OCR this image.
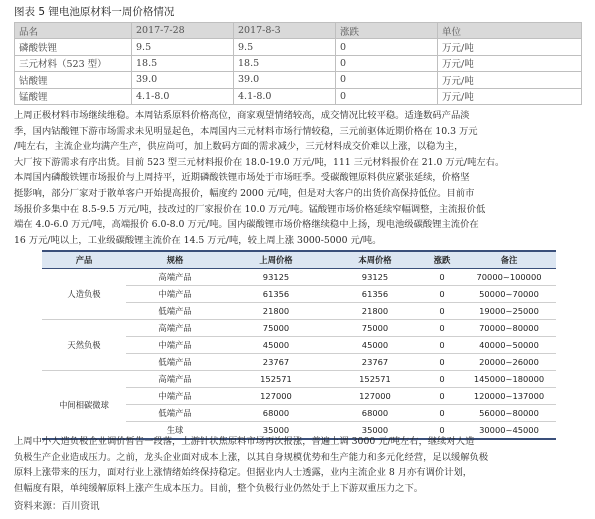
图表 5 锂电池原材料一周价格情况
品名	2017-7-28	2017-8-3	涨跌	单位
磷酸铁锂	9.5	9.5	0	万元/吨
三元材料（523 型）	18.5	18.5	0	万元/吨
钴酸锂	39.0	39.0	0	万元/吨
锰酸锂	4.1-8.0	4.1-8.0	0	万元/吨
上周正极材料市场继续维稳。本周钴系原料价格高位，商家观望情绪较高，成交情况比较平稳。适逢数码产品淡
季，国内钴酸锂下游市场需求未见明显起色，本周国内三元材料市场行情较稳，三元前驱体近期价格在 10.3 万元
/吨左右，主流企业均满产生产，供应尚可，加上数码方面的需求减少，三元材料成交价难以上涨，以稳为主，
大厂按下游需求有序出货。目前 523 型三元材料报价在 18.0-19.0 万元/吨，111 三元材料报价在 21.0 万元/吨左右。
本周国内磷酸铁锂市场报价与上周持平，近期磷酸铁锂市场处于市场旺季。受碳酸锂原料供应紧张延续，价格坚
挺影响，部分厂家对于散单客户开始提高报价，幅度约 2000 元/吨，但是对大客户的出货价高保持低位。目前市
场报价多集中在 8.5-9.5 万元/吨，技改过的厂家报价在 10.0 万元/吨。锰酸锂市场价格延续窄幅调整，主流报价低
端在 4.0-6.0 万元/吨，高端报价 6.0-8.0 万元/吨。国内碳酸锂市场价格继续稳中上扬，现电池级碳酸锂主流价在
16 万元/吨以上，工业级碳酸锂主流价在 14.5 万元/吨，较上周上涨 3000-5000 元/吨。
产品	规格	上周价格	本周价格	涨跌	备注
人造负极	高端产品	93125	93125	0	70000~100000
	中端产品	61356	61356	0	50000~70000
	低端产品	21800	21800	0	19000~25000
天然负极	高端产品	75000	75000	0	70000~80000
	中端产品	45000	45000	0	40000~50000
	低端产品	23767	23767	0	20000~26000
中间相碳微球	高端产品	152571	152571	0	145000~180000
	中端产品	127000	127000	0	120000~137000
	低端产品	68000	68000	0	56000~80000
	生球	35000	35000	0	30000~45000
上周中小人造负极企业调价暂告一段落，上游针状焦原料市场再次报涨，普遍上调 3000 元/吨左右，继续对人造
负极生产企业造成压力。之前，龙头企业面对成本上涨，以其自身规模优势和生产能力和多元化经营，足以缓解负极
原料上涨带来的压力，面对行业上涨情绪始终保持稳定。但据业内人士透露，业内主流企业 8 月亦有调价计划，
但幅度有限，单纯缓解原料上涨产生成本压力。目前，整个负极行业仍然处于上下游双重压力之下。
资料来源：百川资讯
